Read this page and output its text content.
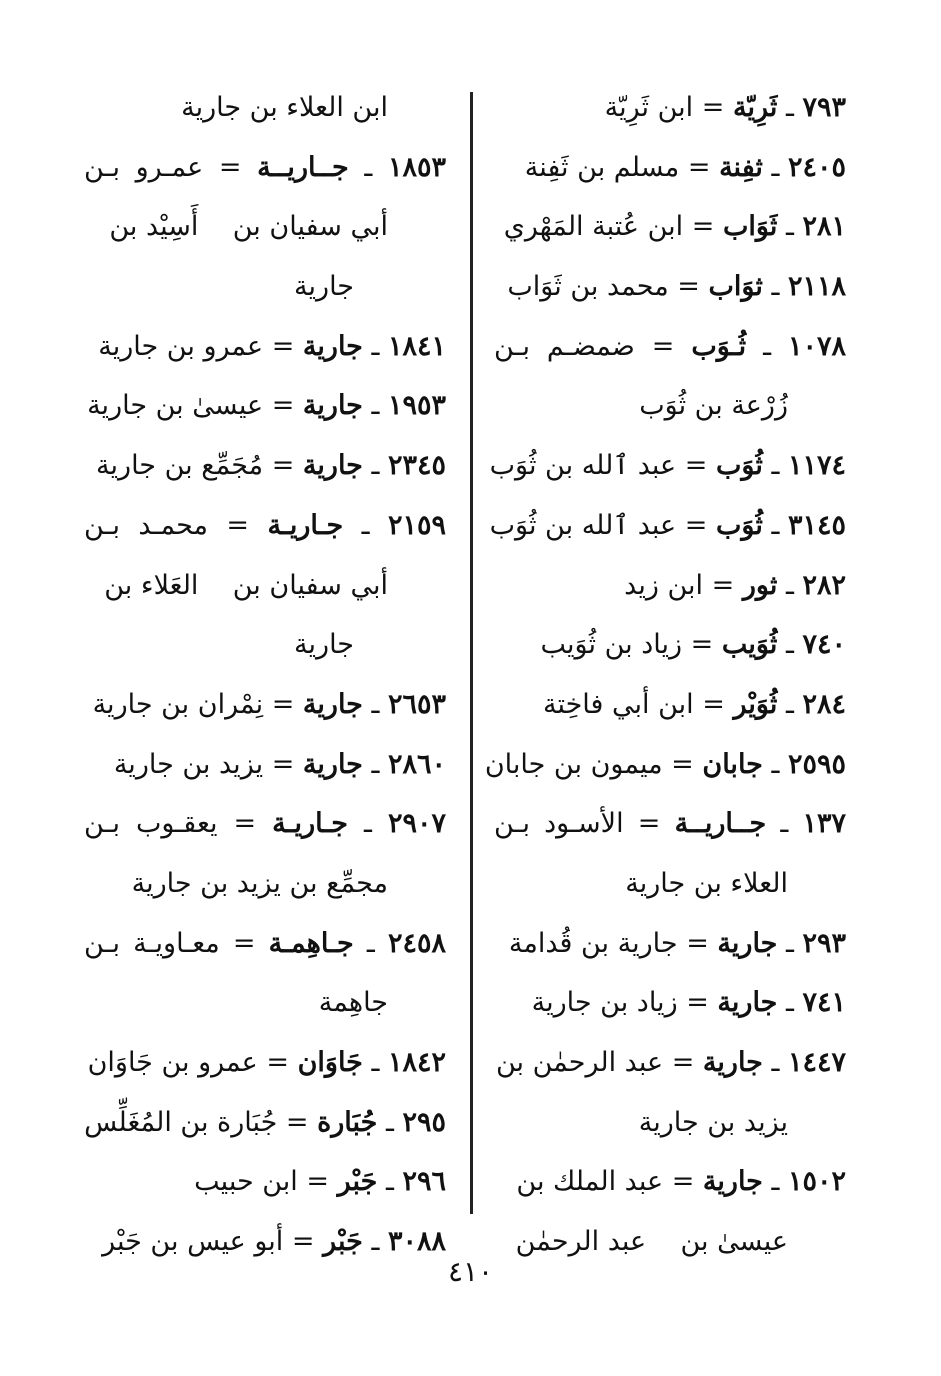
٧٩٣ ـ ثَرِيّة = ابن ثَرِيّة
٢٤٠٥ ـ ثفِنة = مسلم بن ثَفِنة
٢٨١ ـ ثَوَاب = ابن عُتبة المَهْري
٢١١٨ ـ ثوَاب = محمد بن ثَوَاب
١٠٧٨ ـ ثُـوَب = ضمضـم بـن
زُرْعة بن ثُوَب
١١٧٤ ـ ثُوَب = عبد ٱلله بن ثُوَب
٣١٤٥ ـ ثُوَب = عبد ٱلله بن ثُوَب
٢٨٢ ـ ثور = ابن زيد
٧٤٠ ـ ثُوَيب = زياد بن ثُوَيب
٢٨٤ ـ ثُوَيْر = ابن أبي فاخِتة
٢٥٩٥ ـ جابان = ميمون بن جابان
١٣٧ ـ جــاريــة = الأسـود بـن
العلاء بن جارية
٢٩٣ ـ جارية = جارية بن قُدامة
٧٤١ ـ جارية = زياد بن جارية
١٤٤٧ ـ جارية = عبد الرحمٰن بن
يزيد بن جارية
١٥٠٢ ـ جارية = عبد الملك بن
عيسىٰ بن    عبد الرحمٰن
ابن العلاء بن جارية
١٨٥٣ ـ جــاريــة = عمـرو بـن
أبي سفيان بن    أَسِيْد بن
جارية
١٨٤١ ـ جارية = عمرو بن جارية
١٩٥٣ ـ جارية = عيسىٰ بن جارية
٢٣٤٥ ـ جارية = مُجَمِّع بن جارية
٢١٥٩ ـ جـاريـة = محمـد بـن
أبي سفيان بن    العَلاء بن
جارية
٢٦٥٣ ـ جارية = نِمْران بن جارية
٢٨٦٠ ـ جارية = يزيد بن جارية
٢٩٠٧ ـ جـاريـة = يعقـوب بـن
مجمِّع بن يزيد بن جارية
٢٤٥٨ ـ جـاهِمـة = معـاويـة بـن
جاهِمة
١٨٤٢ ـ جَاوَان = عمرو بن جَاوَان
٢٩٥ ـ جُبَارة = جُبَارة بن المُغَلِّس
٢٩٦ ـ جَبْر = ابن حبيب
٣٠٨٨ ـ جَبْر = أبو عيس بن جَبْر
٤١٠
